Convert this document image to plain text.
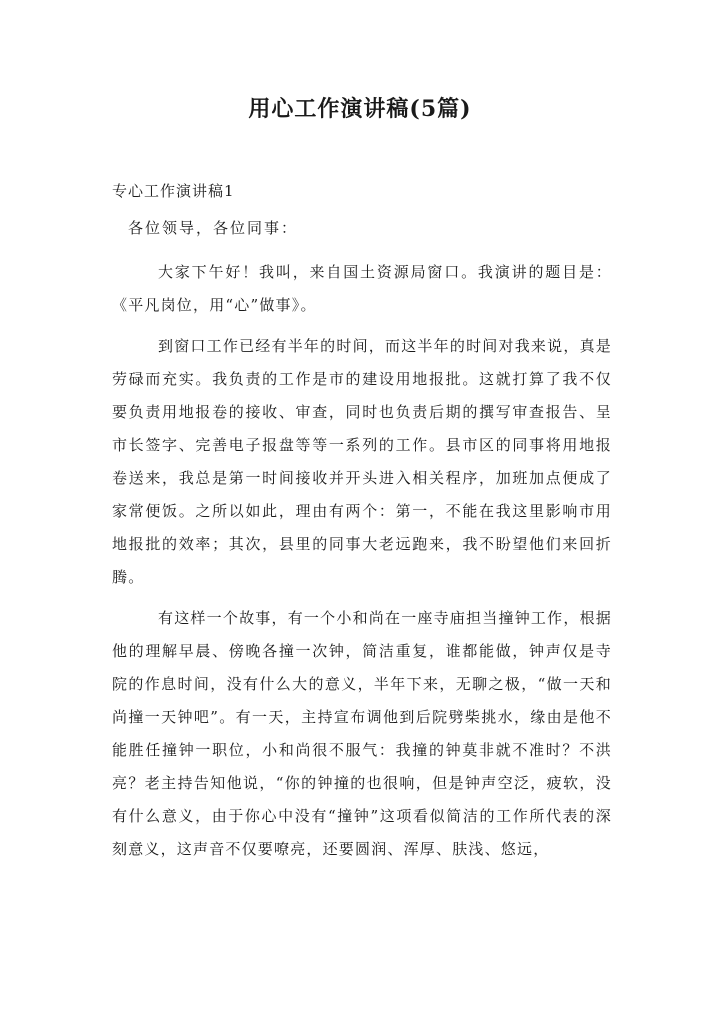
用心工作演讲稿(5篇)
专心工作演讲稿1
各位领导，各位同事：

大家下午好！我叫，来自国土资源局窗口。我演讲的题目是：《平凡岗位，用“心”做事》。

到窗口工作已经有半年的时间，而这半年的时间对我来说，真是劳碌而充实。我负责的工作是市的建设用地报批。这就打算了我不仅要负责用地报卷的接收、审查，同时也负责后期的撰写审查报告、呈市长签字、完善电子报盘等等一系列的工作。县市区的同事将用地报卷送来，我总是第一时间接收并开头进入相关程序，加班加点便成了家常便饭。之所以如此，理由有两个：第一，不能在我这里影响市用地报批的效率；其次，县里的同事大老远跑来，我不盼望他们来回折腾。

有这样一个故事，有一个小和尚在一座寺庙担当撞钟工作，根据他的理解早晨、傍晚各撞一次钟，简洁重复，谁都能做，钟声仅是寺院的作息时间，没有什么大的意义，半年下来，无聊之极，“做一天和尚撞一天钟吧”。有一天，主持宣布调他到后院劈柴挑水，缘由是他不能胜任撞钟一职位，小和尚很不服气：我撞的钟莫非就不准时？不洪亮？老主持告知他说，“你的钟撞的也很响，但是钟声空泛，疲软，没有什么意义，由于你心中没有“撞钟”这项看似简洁的工作所代表的深刻意义，这声音不仅要嘹亮，还要圆润、浑厚、肤浅、悠远，
